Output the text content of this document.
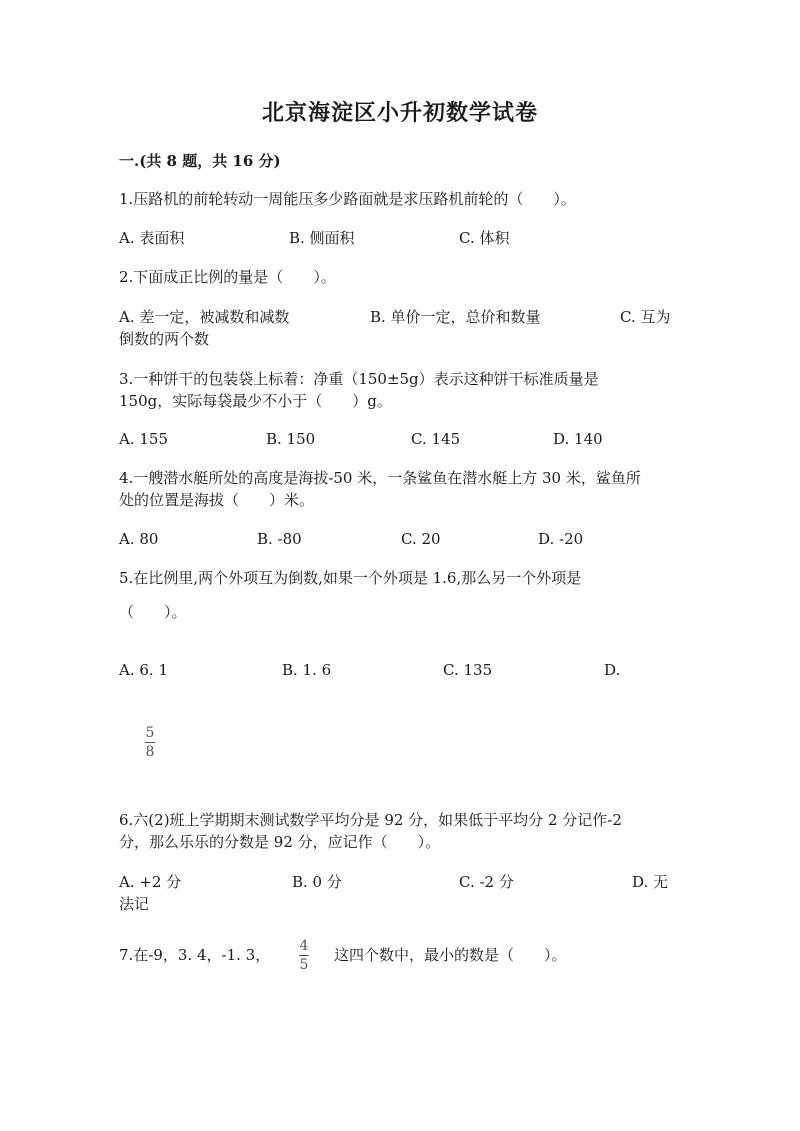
北京海淀区小升初数学试卷
一.(共 8 题，共 16 分)
1.压路机的前轮转动一周能压多少路面就是求压路机前轮的（　　）。
A. 表面积	B. 侧面积	C. 体积
2.下面成正比例的量是（　　）。
A. 差一定，被减数和减数	B. 单价一定，总价和数量	C. 互为
倒数的两个数
3.一种饼干的包装袋上标着：净重（150±5g）表示这种饼干标准质量是
150g，实际每袋最少不小于（　　）g。
A. 155	B. 150	C. 145	D. 140
4.一艘潜水艇所处的高度是海拔-50 米，一条鲨鱼在潜水艇上方 30 米，鲨鱼所
处的位置是海拔（　　）米。
A. 80	B. -80	C. 20	D. -20
5.在比例里,两个外项互为倒数,如果一个外项是 1.6,那么另一个外项是
（　　）。
A. 6. 1	B. 1. 6	C. 135	D.
5
8
6.六(2)班上学期期末测试数学平均分是 92 分，如果低于平均分 2 分记作-2
分，那么乐乐的分数是 92 分，应记作（　　）。
A. +2 分	B. 0 分	C. -2 分	D. 无
法记
7.在-9，3. 4，-1. 3， 4
5
这四个数中，最小的数是（　　）。
